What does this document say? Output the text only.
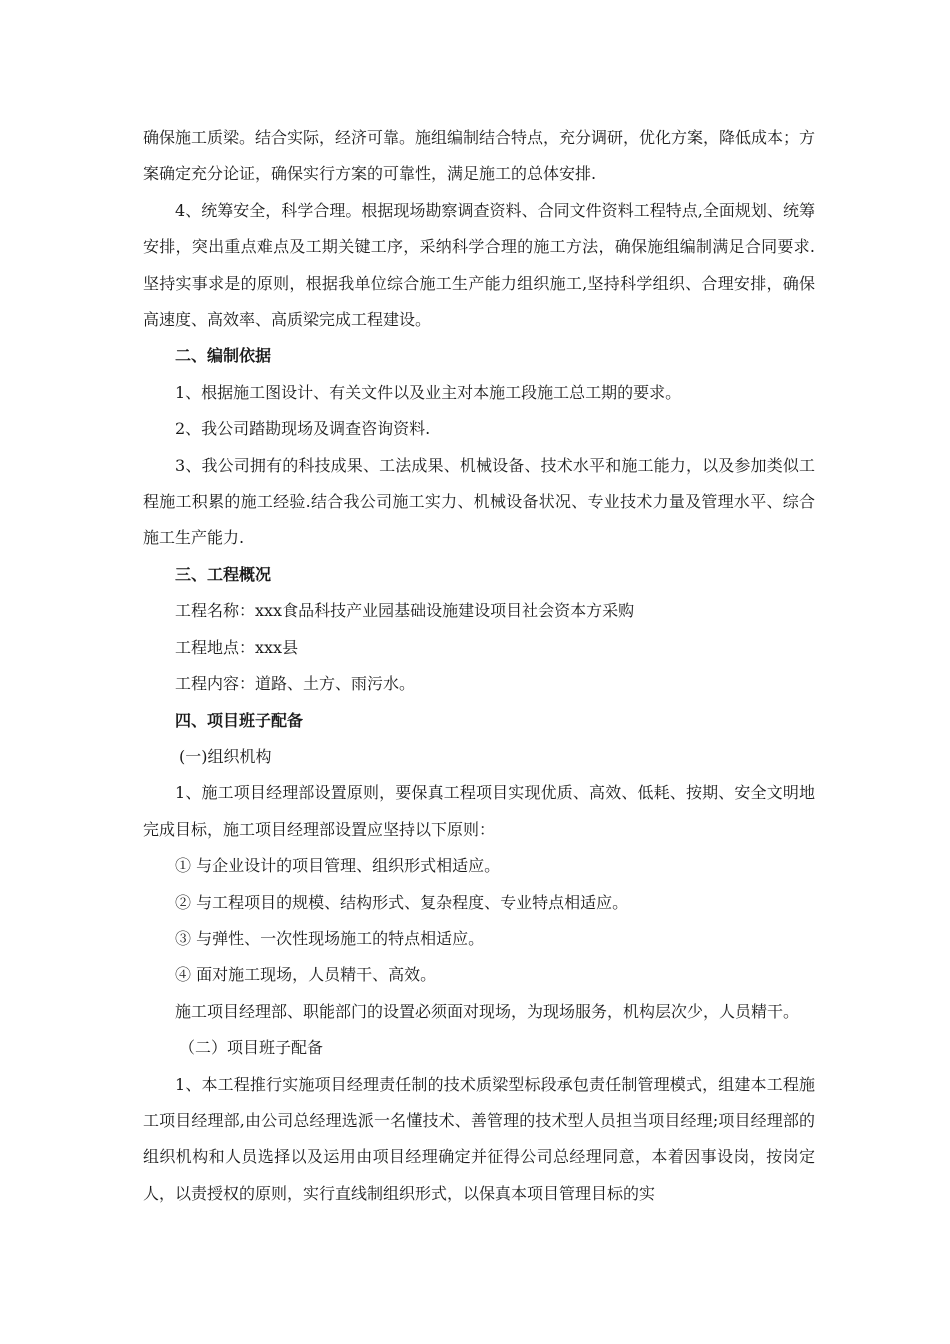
确保施工质梁。结合实际，经济可靠。施组编制结合特点，充分调研，优化方案，降低成本；方案确定充分论证，确保实行方案的可靠性，满足施工的总体安排.

4、统筹安全，科学合理。根据现场勘察调查资料、合同文件资料工程特点,全面规划、统筹安排，突出重点难点及工期关键工序，采纳科学合理的施工方法，确保施组编制满足合同要求.坚持实事求是的原则，根据我单位综合施工生产能力组织施工,坚持科学组织、合理安排，确保高速度、高效率、高质梁完成工程建设。

二、编制依据

1、根据施工图设计、有关文件以及业主对本施工段施工总工期的要求。

2、我公司踏勘现场及调查咨询资料.

3、我公司拥有的科技成果、工法成果、机械设备、技术水平和施工能力，以及参加类似工程施工积累的施工经验.结合我公司施工实力、机械设备状况、专业技术力量及管理水平、综合施工生产能力.

三、工程概况

工程名称：xxx食品科技产业园基础设施建设项目社会资本方采购

工程地点：xxx县

工程内容：道路、土方、雨污水。

四、项目班子配备

(一)组织机构

1、施工项目经理部设置原则，要保真工程项目实现优质、高效、低耗、按期、安全文明地完成目标，施工项目经理部设置应坚持以下原则：

① 与企业设计的项目管理、组织形式相适应。

② 与工程项目的规模、结构形式、复杂程度、专业特点相适应。

③ 与弹性、一次性现场施工的特点相适应。

④ 面对施工现场，人员精干、高效。

施工项目经理部、职能部门的设置必须面对现场，为现场服务，机构层次少，人员精干。

（二）项目班子配备

1、本工程推行实施项目经理责任制的技术质梁型标段承包责任制管理模式，组建本工程施工项目经理部,由公司总经理选派一名懂技术、善管理的技术型人员担当项目经理;项目经理部的组织机构和人员选择以及运用由项目经理确定并征得公司总经理同意，本着因事设岗，按岗定人，以责授权的原则，实行直线制组织形式，以保真本项目管理目标的实
